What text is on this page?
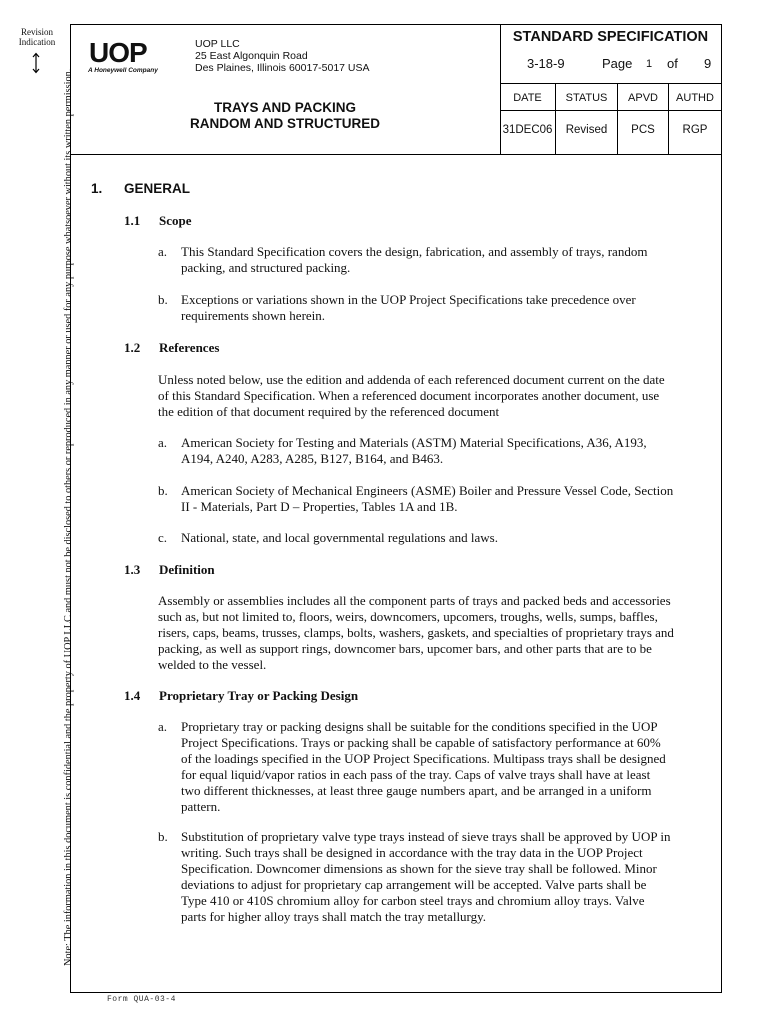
Revision Indication
Note: The information in this document is confidential and the property of UOP LLC and must not be disclosed to others or reproduced in any manner or used for any purpose whatsoever without its written permission.
UOP
A Honeywell Company
UOP LLC
25 East Algonquin Road
Des Plaines, Illinois 60017-5017 USA
TRAYS AND PACKING
RANDOM AND STRUCTURED
STANDARD SPECIFICATION
3-18-9	Page 1 of 9
DATE	STATUS	APVD	AUTHD
31DEC06	Revised	PCS	RGP
1. GENERAL
1.1 Scope
a. This Standard Specification covers the design, fabrication, and assembly of trays, random
packing, and structured packing.
b. Exceptions or variations shown in the UOP Project Specifications take precedence over
requirements shown herein.
1.2 References
Unless noted below, use the edition and addenda of each referenced document current on the date
of this Standard Specification. When a referenced document incorporates another document, use
the edition of that document required by the referenced document
a. American Society for Testing and Materials (ASTM) Material Specifications, A36, A193,
A194, A240, A283, A285, B127, B164, and B463.
b. American Society of Mechanical Engineers (ASME) Boiler and Pressure Vessel Code, Section
II - Materials, Part D – Properties, Tables 1A and 1B.
c. National, state, and local governmental regulations and laws.
1.3 Definition
Assembly or assemblies includes all the component parts of trays and packed beds and accessories
such as, but not limited to, floors, weirs, downcomers, upcomers, troughs, wells, sumps, baffles,
risers, caps, beams, trusses, clamps, bolts, washers, gaskets, and specialties of proprietary trays and
packing, as well as support rings, downcomer bars, upcomer bars, and other parts that are to be
welded to the vessel.
1.4 Proprietary Tray or Packing Design
a. Proprietary tray or packing designs shall be suitable for the conditions specified in the UOP
Project Specifications. Trays or packing shall be capable of satisfactory performance at 60%
of the loadings specified in the UOP Project Specifications. Multipass trays shall be designed
for equal liquid/vapor ratios in each pass of the tray. Caps of valve trays shall have at least
two different thicknesses, at least three gauge numbers apart, and be arranged in a uniform
pattern.
b. Substitution of proprietary valve type trays instead of sieve trays shall be approved by UOP in
writing. Such trays shall be designed in accordance with the tray data in the UOP Project
Specification. Downcomer dimensions as shown for the sieve tray shall be followed. Minor
deviations to adjust for proprietary cap arrangement will be accepted. Valve parts shall be
Type 410 or 410S chromium alloy for carbon steel trays and chromium alloy trays. Valve
parts for higher alloy trays shall match the tray metallurgy.
Form QUA-03-4
